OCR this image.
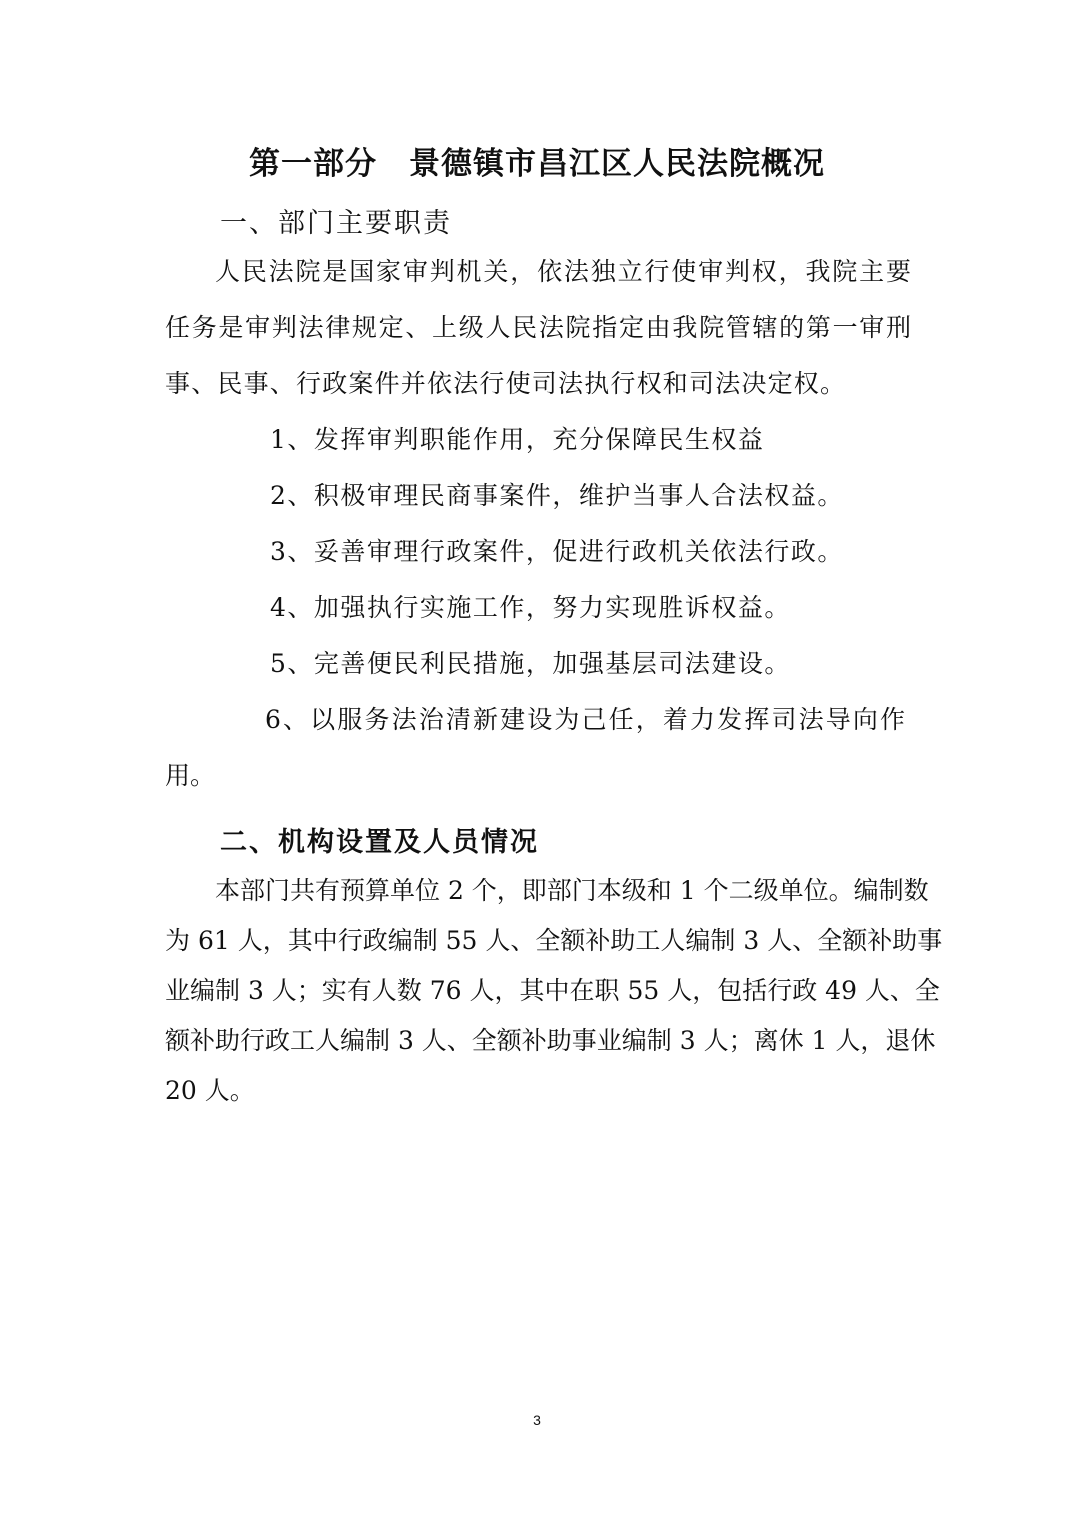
第一部分　景德镇市昌江区人民法院概况
一、部门主要职责
人民法院是国家审判机关，依法独立行使审判权，我院主要
任务是审判法律规定、上级人民法院指定由我院管辖的第一审刑
事、民事、行政案件并依法行使司法执行权和司法决定权。
1、发挥审判职能作用，充分保障民生权益
2、积极审理民商事案件，维护当事人合法权益。
3、妥善审理行政案件，促进行政机关依法行政。
4、加强执行实施工作，努力实现胜诉权益。
5、完善便民利民措施，加强基层司法建设。
6、以服务法治清新建设为己任，着力发挥司法导向作
用。
二、机构设置及人员情况
本部门共有预算单位 2 个，即部门本级和 1 个二级单位。编制数
为 61 人，其中行政编制 55 人、全额补助工人编制 3 人、全额补助事
业编制 3 人；实有人数 76 人，其中在职 55 人，包括行政 49 人、全
额补助行政工人编制 3 人、全额补助事业编制 3 人；离休 1 人，退休
20 人。
3
